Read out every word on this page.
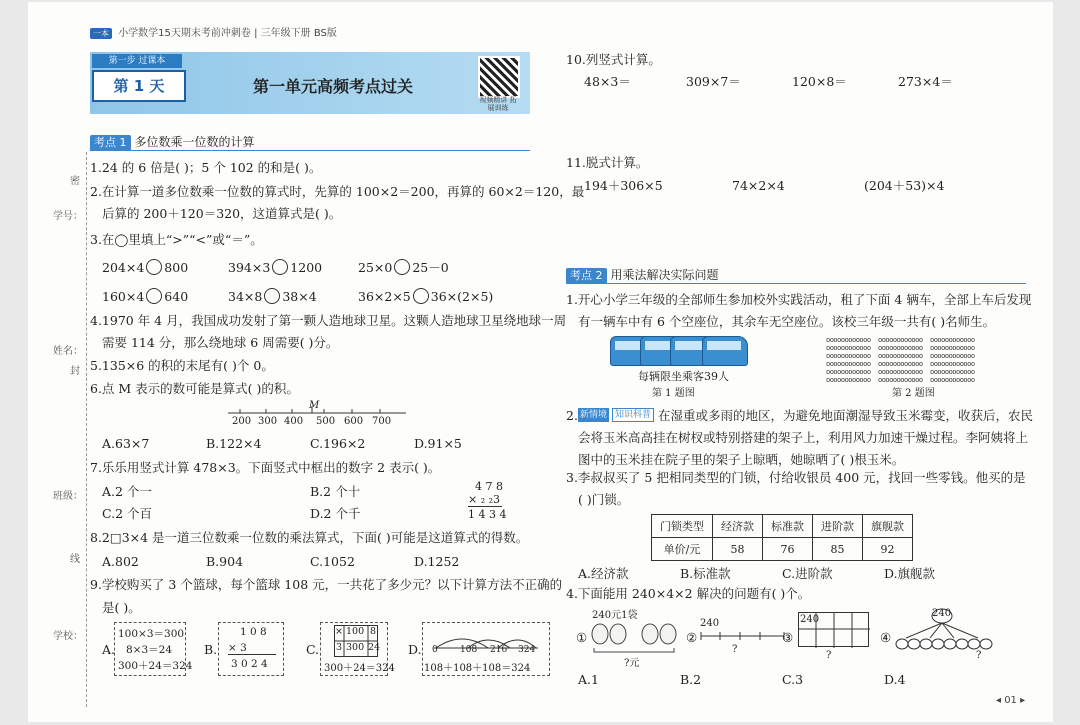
一本 小学数学15天期末考前冲刺卷 | 三年级下册 BS版
第一步 过课本
第 1 天	第一单元高频考点过关
视频精讲 拓展训练
学号：
密
姓名：
封
班级：
线
学校：
考点 1 多位数乘一位数的计算
1.24 的 6 倍是( )；5 个 102 的和是( )。
2.在计算一道多位数乘一位数的算式时，先算的 100×2＝200，再算的 60×2＝120，最
后算的 200＋120＝320，这道算式是( )。
3.在◯里填上“>”“<”或“＝”。
204×4 800	394×3 1200	25×0 25－0
160×4 640	34×8 38×4	36×2×5 36×(2×5)
4.1970 年 4 月，我国成功发射了第一颗人造地球卫星。这颗人造地球卫星绕地球一周
需要 114 分，那么绕地球 6 周需要( )分。
5.135×6 的积的末尾有( )个 0。
6.点 M 表示的数可能是算式( )的积。
M
200 300 400 500 600 700
A.63×7	B.122×4	C.196×2	D.91×5
7.乐乐用竖式计算 478×3。下面竖式中框出的数字 2 表示( )。
A.2 个一	B.2 个十
C.2 个百	D.2 个千
4 7 8
× ₂ ₂3
1 4 3 4
8.2□3×4 是一道三位数乘一位数的乘法算式，下面( )可能是这道算式的得数。
A.802	B.904	C.1052	D.1252
9.学校购买了 3 个篮球，每个篮球 108 元，一共花了多少元？以下计算方法不正确的
是( )。
A.
100×3＝300
8×3＝24
300＋24＝324
B.
1 0 8
× 3
3 0 2 4
C.
× 100 8
3 300 24
300＋24＝324
D. 0 108 216 324
108＋108＋108＝324
10.列竖式计算。
48×3＝	309×7＝	120×8＝	273×4＝
11.脱式计算。
194＋306×5	74×2×4	(204＋53)×4
考点 2 用乘法解决实际问题
1.开心小学三年级的全部师生参加校外实践活动，租了下面 4 辆车，全部上车后发现
有一辆车中有 6 个空座位，其余车无空座位。该校三年级一共有( )名师生。
每辆限坐乘客39人
第 1 题图
oooooooooooo
oooooooooooo
oooooooooooo
oooooooooooo
oooooooooooo
oooooooooooo
oooooooooooo
oooooooooooo
oooooooooooo
oooooooooooo
oooooooooooo
oooooooooooo
oooooooooooo
oooooooooooo
oooooooooooo
oooooooooooo
oooooooooooo
oooooooooooo
第 2 题图
2. 新情境 知识科普 在湿重或多雨的地区，为避免地面潮湿导致玉米霉变，收获后，农民
会将玉米高高挂在树杈或特别搭建的架子上，利用风力加速干燥过程。李阿姨将上
图中的玉米挂在院子里的架子上晾晒，她晾晒了( )根玉米。
3.李叔叔买了 5 把相同类型的门锁，付给收银员 400 元，找回一些零钱。他买的是
( )门锁。
门锁类型	经济款	标准款	进阶款	旗舰款
单价/元	58	76	85	92
A.经济款	B.标准款	C.进阶款	D.旗舰款
4.下面能用 240×4×2 解决的问题有( )个。
①
240元1袋
?元
②
240
?
③
240
?
④
240
?
A.1	B.2	C.3	D.4
◂ 01 ▸
